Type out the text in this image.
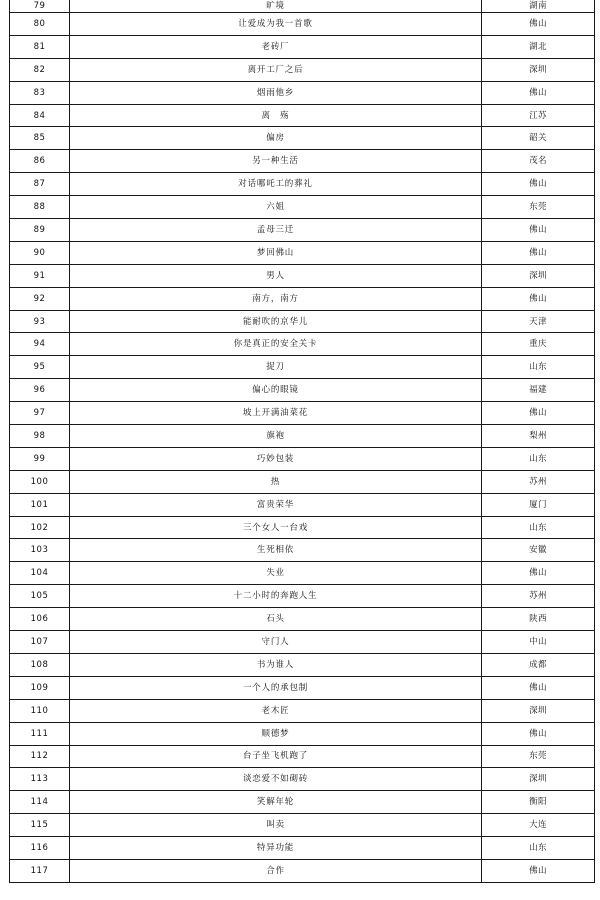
79	旷境	湖南
80	让爱成为我一首歌	佛山
81	老砖厂	湖北
82	离开工厂之后	深圳
83	烟雨他乡	佛山
84	离　殇	江苏
85	偏房	韶关
86	另一种生活	茂名
87	对话哪吒工的葬礼	佛山
88	六姐	东莞
89	孟母三迁	佛山
90	梦回佛山	佛山
91	男人	深圳
92	南方，南方	佛山
93	能耐吹的京华儿	天津
94	你是真正的安全关卡	重庆
95	捉刀	山东
96	偏心的眼镜	福建
97	坡上开满油菜花	佛山
98	旗袍	梨州
99	巧妙包装	山东
100	热	苏州
101	富贵荣华	厦门
102	三个女人一台戏	山东
103	生死相依	安徽
104	失业	佛山
105	十二小时的奔跑人生	苏州
106	石头	陕西
107	守门人	中山
108	书为谁人	成都
109	一个人的承包制	佛山
110	老木匠	深圳
111	顺德梦	佛山
112	台子坐飞机跑了	东莞
113	谈恋爱不如砌砖	深圳
114	笑解年轮	衡阳
115	叫卖	大连
116	特异功能	山东
117	合作	佛山
